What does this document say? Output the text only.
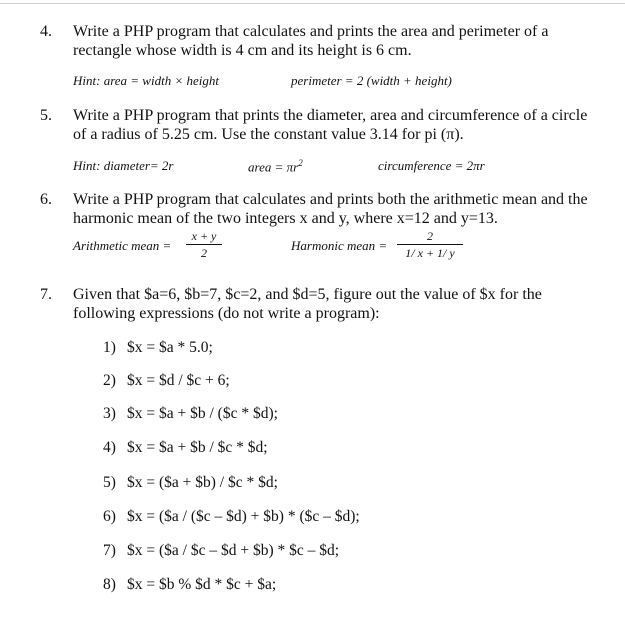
4. Write a PHP program that calculates and prints the area and perimeter of a rectangle whose width is 4 cm and its height is 6 cm.
Hint: area = width × height	perimeter = 2 (width + height)
5. Write a PHP program that prints the diameter, area and circumference of a circle of a radius of 5.25 cm. Use the constant value 3.14 for pi (π).
Hint: diameter= 2r	area = $\pi r^2$	circumference = 2πr
6. Write a PHP program that calculates and prints both the arithmetic mean and the harmonic mean of the two integers x and y, where x=12 and y=13.
Arithmetic mean =
x + y
2	Harmonic mean =
2
1/ x + 1/ y
7. Given that $a=6, $b=7, $c=2, and $d=5, figure out the value of $x for the following expressions (do not write a program):
1) $x = $a * 5.0;
2) $x = $d / $c + 6;
3) $x = $a + $b / ($c * $d);
4) $x = $a + $b / $c * $d;
5) $x = ($a + $b) / $c * $d;
6) $x = ($a / ($c – $d) + $b) * ($c – $d);
7) $x = ($a / $c – $d + $b) * $c – $d;
8) $x = $b % $d * $c + $a;
